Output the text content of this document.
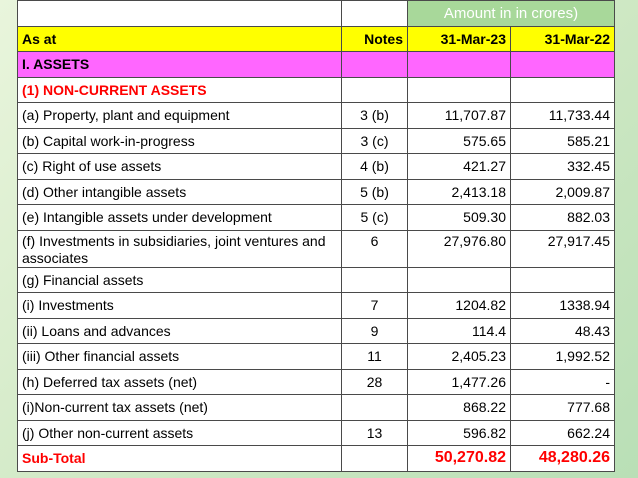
		Amount in in crores)	
As at	Notes	31-Mar-23	31-Mar-22
I. ASSETS			
(1) NON-CURRENT ASSETS			
(a) Property, plant and equipment	3 (b)	11,707.87	11,733.44
(b) Capital work-in-progress	3 (c)	575.65	585.21
(c) Right of use assets	4 (b)	421.27	332.45
(d) Other intangible assets	5 (b)	2,413.18	2,009.87
(e) Intangible assets under development	5 (c)	509.30	882.03
(f) Investments in subsidiaries, joint ventures and associates	6	27,976.80	27,917.45
(g) Financial assets			
(i) Investments	7	1204.82	1338.94
(ii) Loans and advances	9	114.4	48.43
(iii) Other financial assets	11	2,405.23	1,992.52
(h) Deferred tax assets (net)	28	1,477.26	-
(i)Non-current tax assets (net)		868.22	777.68
(j) Other non-current assets	13	596.82	662.24
Sub-Total		50,270.82	48,280.26
